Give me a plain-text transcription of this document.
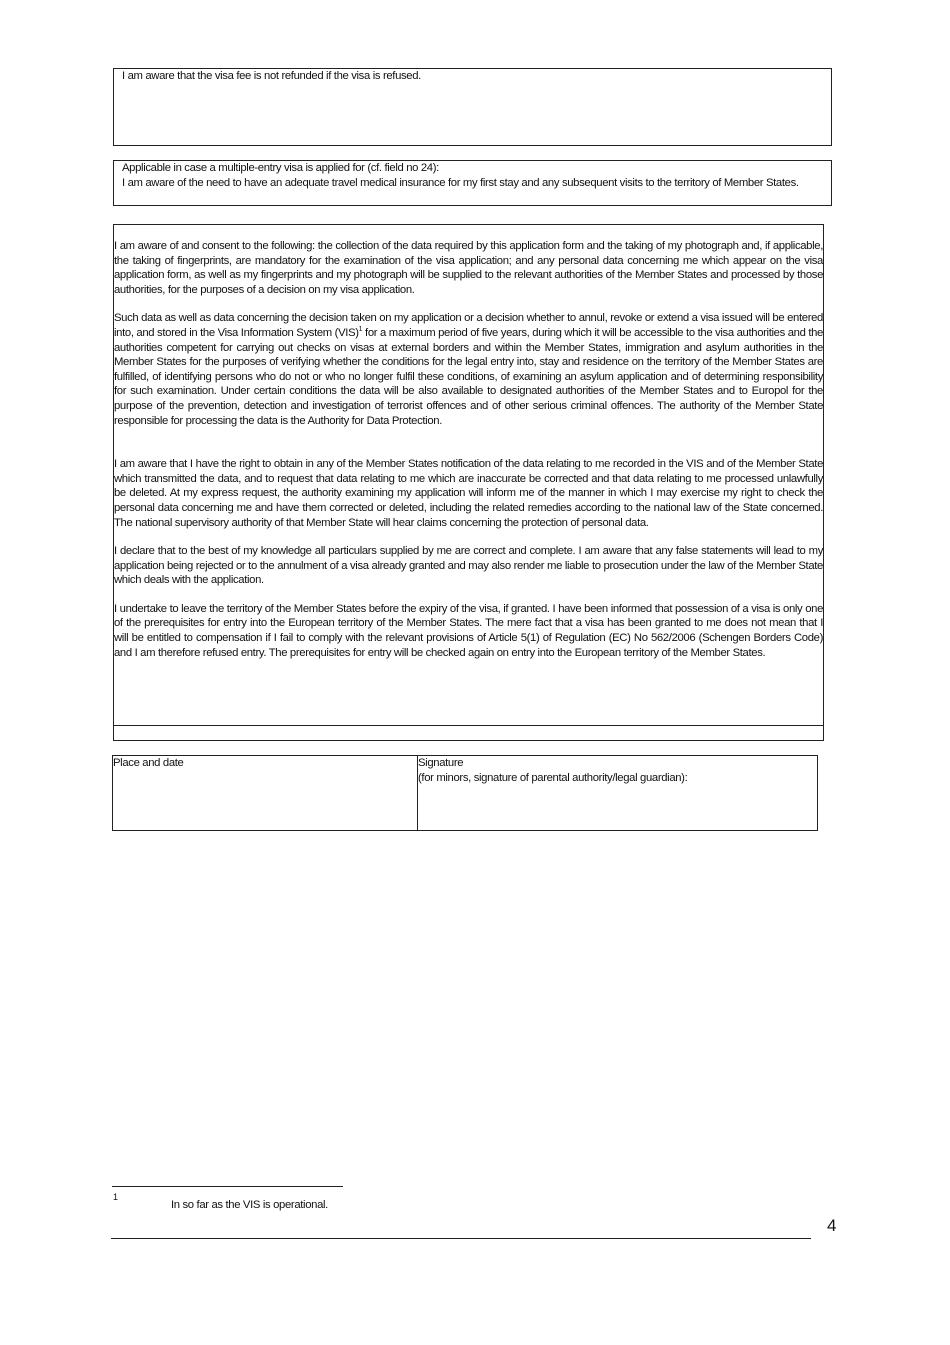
I am aware that the visa fee is not refunded if the visa is refused.

Applicable in case a multiple-entry visa is applied for (cf. field no 24):

I am aware of the need to have an adequate travel medical insurance for my first stay and any subsequent visits to the territory of Member States.

I am aware of and consent to the following: the collection of the data required by this application form and the taking of my photograph and, if applicable, the taking of fingerprints, are mandatory for the examination of the visa application; and any personal data concerning me which appear on the visa application form, as well as my fingerprints and my photograph will be supplied to the relevant authorities of the Member States and processed by those authorities, for the purposes of a decision on my visa application.

Such data as well as data concerning the decision taken on my application or a decision whether to annul, revoke or extend a visa issued will be entered into, and stored in the Visa Information System (VIS)$^1$ for a maximum period of five years, during which it will be accessible to the visa authorities and the authorities competent for carrying out checks on visas at external borders and within the Member States, immigration and asylum authorities in the Member States for the purposes of verifying whether the conditions for the legal entry into, stay and residence on the territory of the Member States are fulfilled, of identifying persons who do not or who no longer fulfil these conditions, of examining an asylum application and of determining responsibility for such examination. Under certain conditions the data will be also available to designated authorities of the Member States and to Europol for the purpose of the prevention, detection and investigation of terrorist offences and of other serious criminal offences. The authority of the Member State responsible for processing the data is the Authority for Data Protection.

I am aware that I have the right to obtain in any of the Member States notification of the data relating to me recorded in the VIS and of the Member State which transmitted the data, and to request that data relating to me which are inaccurate be corrected and that data relating to me processed unlawfully be deleted. At my express request, the authority examining my application will inform me of the manner in which I may exercise my right to check the personal data concerning me and have them corrected or deleted, including the related remedies according to the national law of the State concerned. The national supervisory authority of that Member State will hear claims concerning the protection of personal data.

I declare that to the best of my knowledge all particulars supplied by me are correct and complete. I am aware that any false statements will lead to my application being rejected or to the annulment of a visa already granted and may also render me liable to prosecution under the law of the Member State which deals with the application.

I undertake to leave the territory of the Member States before the expiry of the visa, if granted. I have been informed that possession of a visa is only one of the prerequisites for entry into the European territory of the Member States. The mere fact that a visa has been granted to me does not mean that I will be entitled to compensation if I fail to comply with the relevant provisions of Article 5(1) of Regulation (EC) No 562/2006 (Schengen Borders Code) and I am therefore refused entry. The prerequisites for entry will be checked again on entry into the European territory of the Member States.

Place and date	Signature
(for minors, signature of parental authority/legal guardian):
1
In so far as the VIS is operational.
4
